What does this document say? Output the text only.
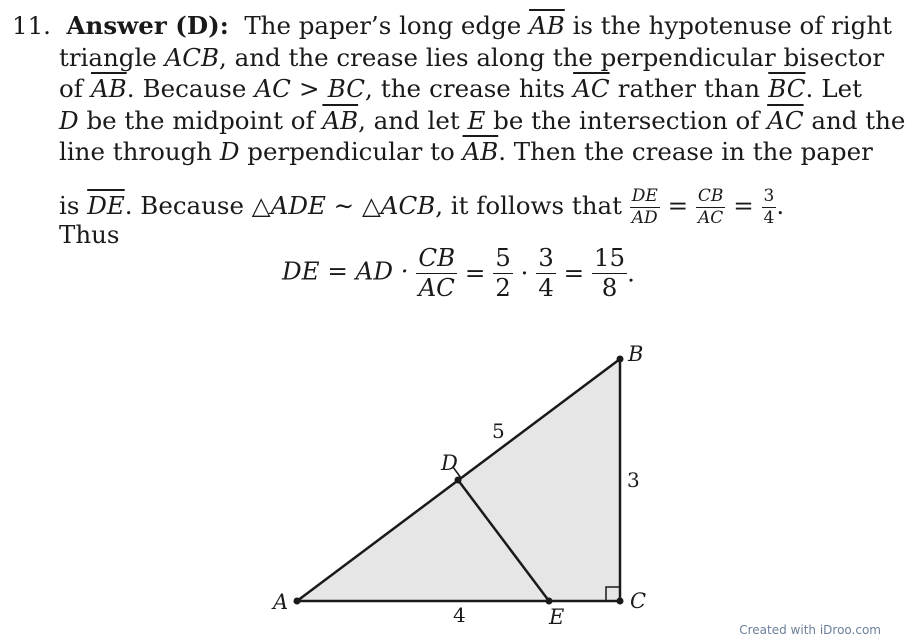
11. Answer (D): The paper’s long edge $\overline{AB}$ is the hypotenuse of right
triangle ACB, and the crease lies along the perpendicular bisector
of $\overline{AB}$. Because AC > BC, the crease hits $\overline{AC}$ rather than $\overline{BC}$. Let
D be the midpoint of $\overline{AB}$, and let E be the intersection of $\overline{AC}$ and the
line through D perpendicular to $\overline{AB}$. Then the crease in the paper
is $\overline{DE}$. Because △ADE ∼ △ACB, it follows that $\frac{DE}{AD} = \frac{CB}{AC} = \frac{3}{4}$ .
Thus
DE = AD · $\frac{CB}{AC} = \frac{5}{2} \cdot \frac{3}{4} = \frac{15}{8}$ .
A
B
C
D
E
5
3
4
Created with iDroo.com
